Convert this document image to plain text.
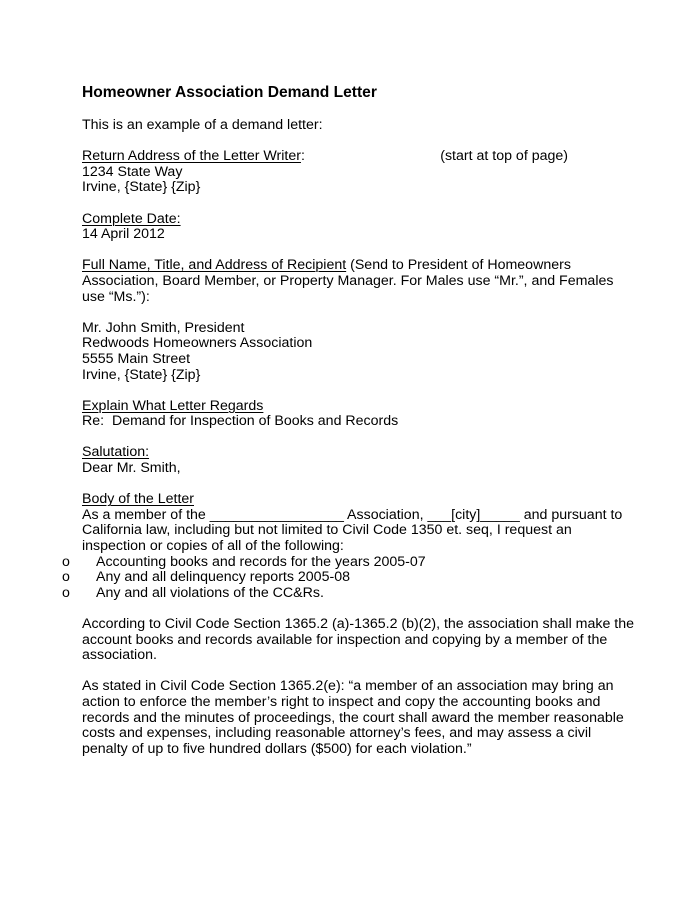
Homeowner Association Demand Letter

This is an example of a demand letter:

Return Address of the Letter Writer:	(start at top of page)

1234 State Way

Irvine, {State} {Zip}

Complete Date:

14 April 2012

Full Name, Title, and Address of Recipient (Send to President of Homeowners

Association, Board Member, or Property Manager. For Males use “Mr.”, and Females

use “Ms.”):

Mr. John Smith, President

Redwoods Homeowners Association

5555 Main Street

Irvine, {State} {Zip}

Explain What Letter Regards

Re:  Demand for Inspection of Books and Records

Salutation:

Dear Mr. Smith,

Body of the Letter

As a member of the _________________ Association, ___[city]_____ and pursuant to

California law, including but not limited to Civil Code 1350 et. seq, I request an

inspection or copies of all of the following:

o Accounting books and records for the years 2005-07
o Any and all delinquency reports 2005-08
o Any and all violations of the CC&Rs.

According to Civil Code Section 1365.2 (a)-1365.2 (b)(2), the association shall make the

account books and records available for inspection and copying by a member of the

association.

As stated in Civil Code Section 1365.2(e): “a member of an association may bring an

action to enforce the member’s right to inspect and copy the accounting books and

records and the minutes of proceedings, the court shall award the member reasonable

costs and expenses, including reasonable attorney’s fees, and may assess a civil

penalty of up to five hundred dollars ($500) for each violation.”
